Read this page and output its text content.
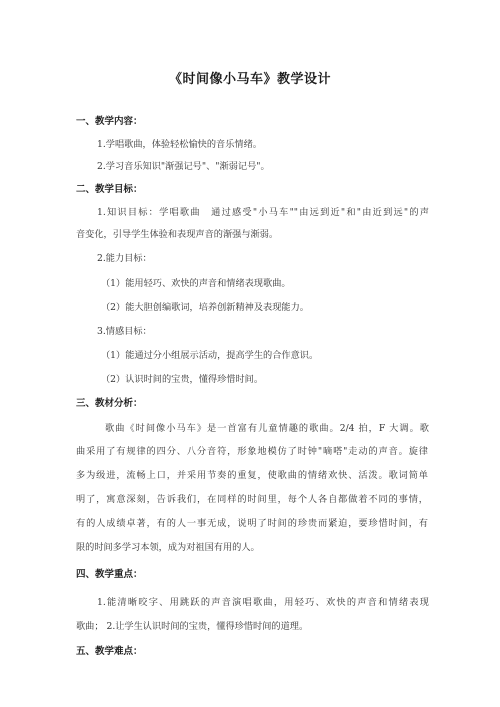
《时间像小马车》教学设计
一、教学内容：
1.学唱歌曲，体验轻松愉快的音乐情绪。
2.学习音乐知识"渐强记号"、"渐弱记号"。
二、教学目标：
1.知识目标：学唱歌曲　通过感受"小马车""由远到近"和"由近到远"的声
音变化，引导学生体验和表现声音的渐强与渐弱。
2.能力目标：
（1）能用轻巧、欢快的声音和情绪表现歌曲。
（2）能大胆创编歌词，培养创新精神及表现能力。
3.情感目标：
（1）能通过分小组展示活动，提高学生的合作意识。
（2）认识时间的宝贵，懂得珍惜时间。
三、教材分析：
歌曲《时间像小马车》是一首富有儿童情趣的歌曲。2/4 拍，F 大调。歌
曲采用了有规律的四分、八分音符，形象地模仿了时钟"嘀嗒"走动的声音。旋律
多为级进，流畅上口，并采用节奏的重复，使歌曲的情绪欢快、活泼。歌词简单
明了，寓意深刻，告诉我们，在同样的时间里，每个人各自都做着不同的事情，
有的人成绩卓著，有的人一事无成，说明了时间的珍贵而紧迫，要珍惜时间，有
限的时间多学习本领，成为对祖国有用的人。
四、教学重点：
1.能清晰咬字、用跳跃的声音演唱歌曲，用轻巧、欢快的声音和情绪表现
歌曲； 2.让学生认识时间的宝贵，懂得珍惜时间的道理。
五、教学难点：
